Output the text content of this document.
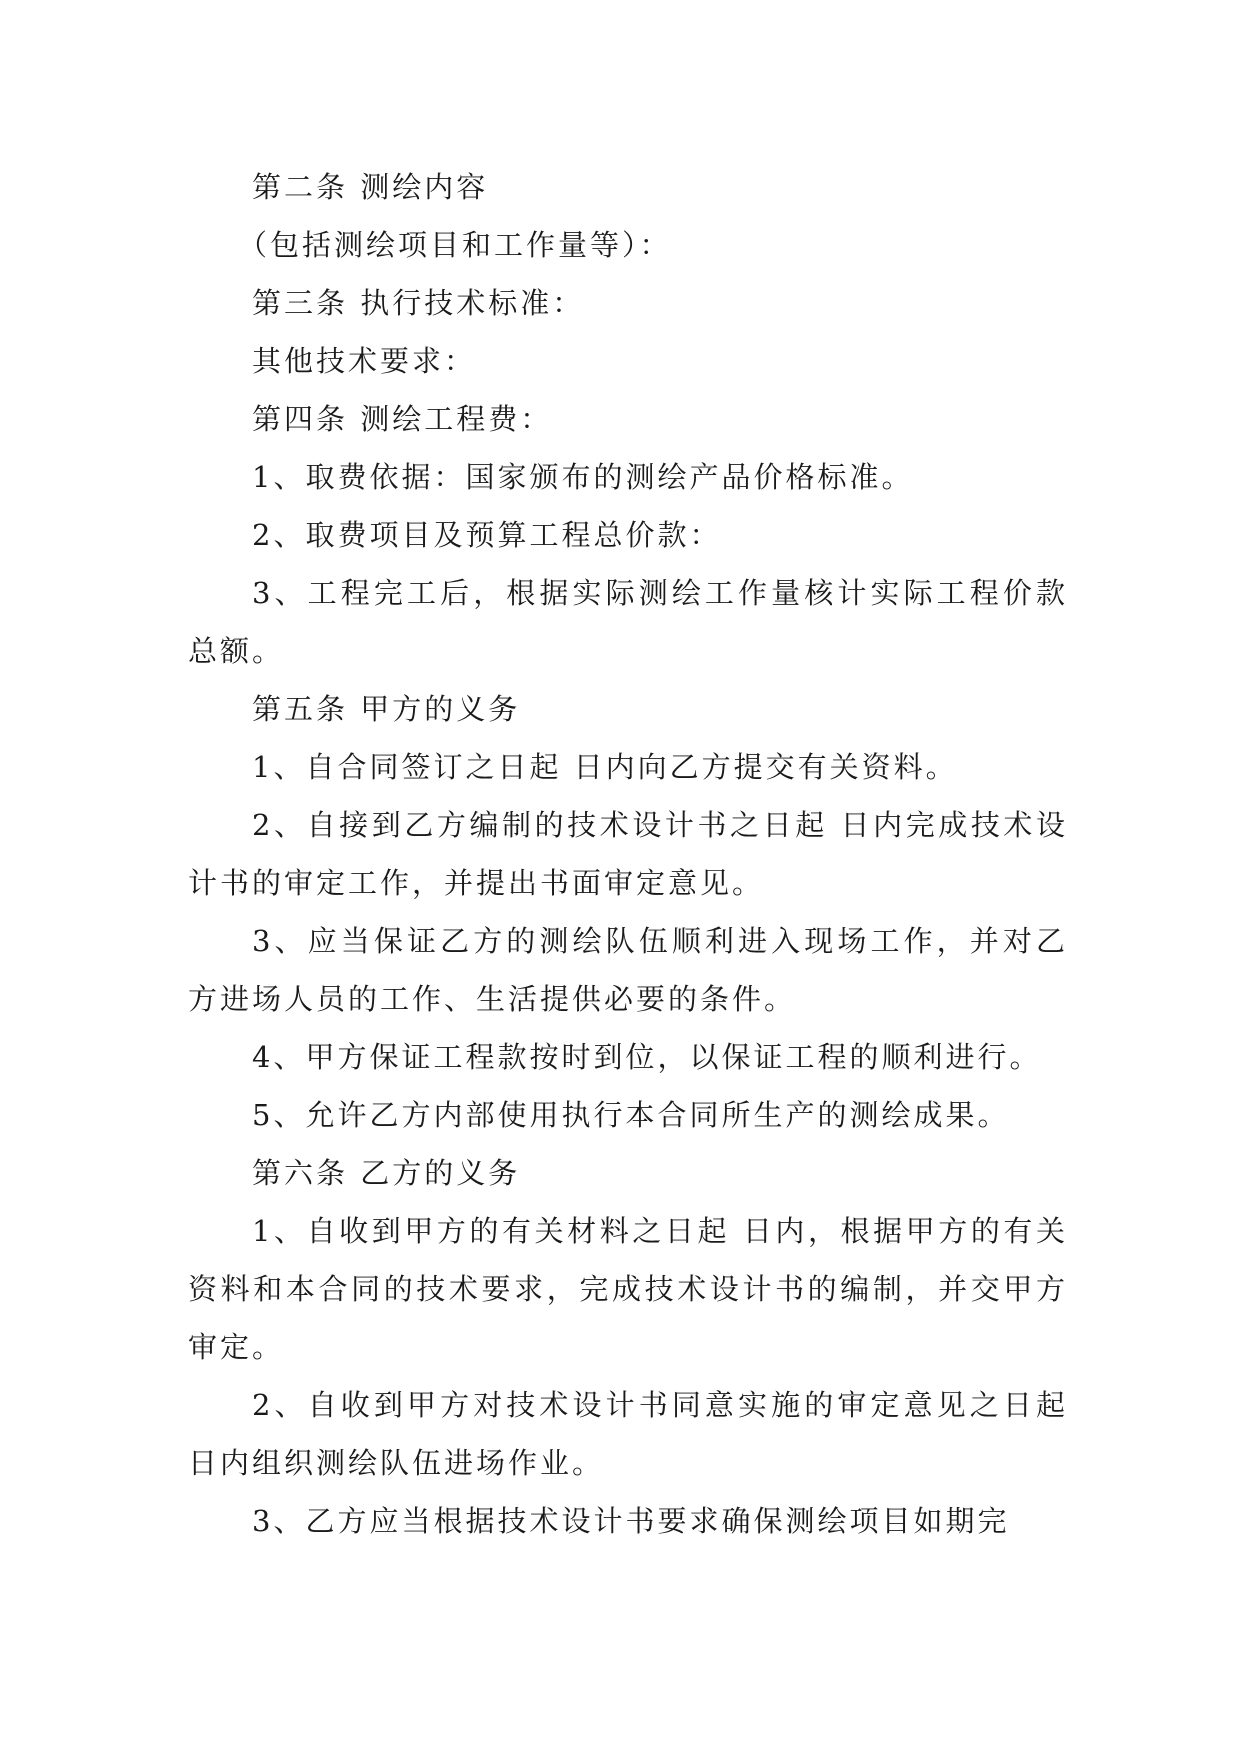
第二条 测绘内容

（包括测绘项目和工作量等）：

第三条 执行技术标准：

其他技术要求：

第四条 测绘工程费：

1、取费依据：国家颁布的测绘产品价格标准。

2、取费项目及预算工程总价款：

3、工程完工后，根据实际测绘工作量核计实际工程价款总额。

第五条 甲方的义务

1、自合同签订之日起 日内向乙方提交有关资料。

2、自接到乙方编制的技术设计书之日起 日内完成技术设计书的审定工作，并提出书面审定意见。

3、应当保证乙方的测绘队伍顺利进入现场工作，并对乙方进场人员的工作、生活提供必要的条件。

4、甲方保证工程款按时到位，以保证工程的顺利进行。

5、允许乙方内部使用执行本合同所生产的测绘成果。

第六条 乙方的义务

1、自收到甲方的有关材料之日起 日内，根据甲方的有关资料和本合同的技术要求，完成技术设计书的编制，并交甲方审定。

2、自收到甲方对技术设计书同意实施的审定意见之日起 日内组织测绘队伍进场作业。

3、乙方应当根据技术设计书要求确保测绘项目如期完
